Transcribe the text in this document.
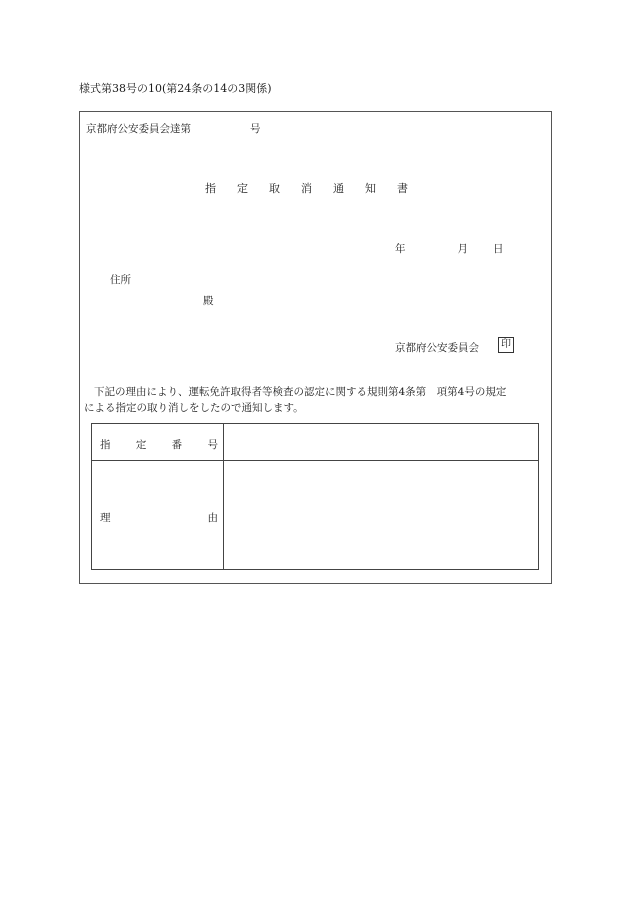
様式第38号の10(第24条の14の3関係)
京都府公安委員会達第	号
指 定 取 消 通 知 書
年	月 日
住所
殿
京都府公安委員会	印
下記の理由により、運転免許取得者等検査の認定に関する規則第4条第　項第4号の規定
による指定の取り消しをしたので通知します。
指 定 番 号
理	由
